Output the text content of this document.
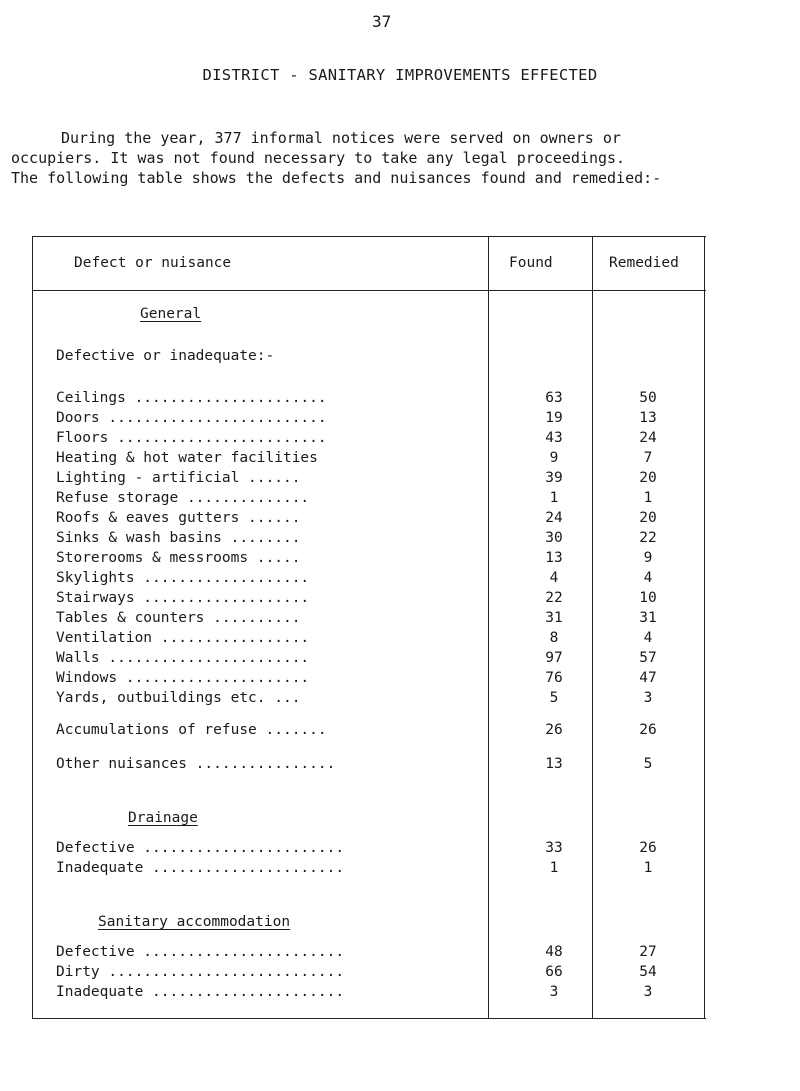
37
DISTRICT - SANITARY IMPROVEMENTS EFFECTED
During the year, 377 informal notices were served on owners or
occupiers. It was not found necessary to take any legal proceedings.
The following table shows the defects and nuisances found and remedied:-
Defect or nuisance	Found	Remedied
General
Defective or inadequate:-
Ceilings ......................	63	50
Doors .........................	19	13
Floors ........................	43	24
Heating & hot water facilities	9	7
Lighting - artificial ......	39	20
Refuse storage ..............	1	1
Roofs & eaves gutters ......	24	20
Sinks & wash basins ........	30	22
Storerooms & messrooms .....	13	9
Skylights ...................	4	4
Stairways ...................	22	10
Tables & counters ..........	31	31
Ventilation .................	8	4
Walls .......................	97	57
Windows .....................	76	47
Yards, outbuildings etc. ...	5	3
Accumulations of refuse .......	26	26
Other nuisances ................	13	5
Drainage
Defective .......................	33	26
Inadequate ......................	1	1
Sanitary accommodation
Defective .......................	48	27
Dirty ...........................	66	54
Inadequate ......................	3	3
